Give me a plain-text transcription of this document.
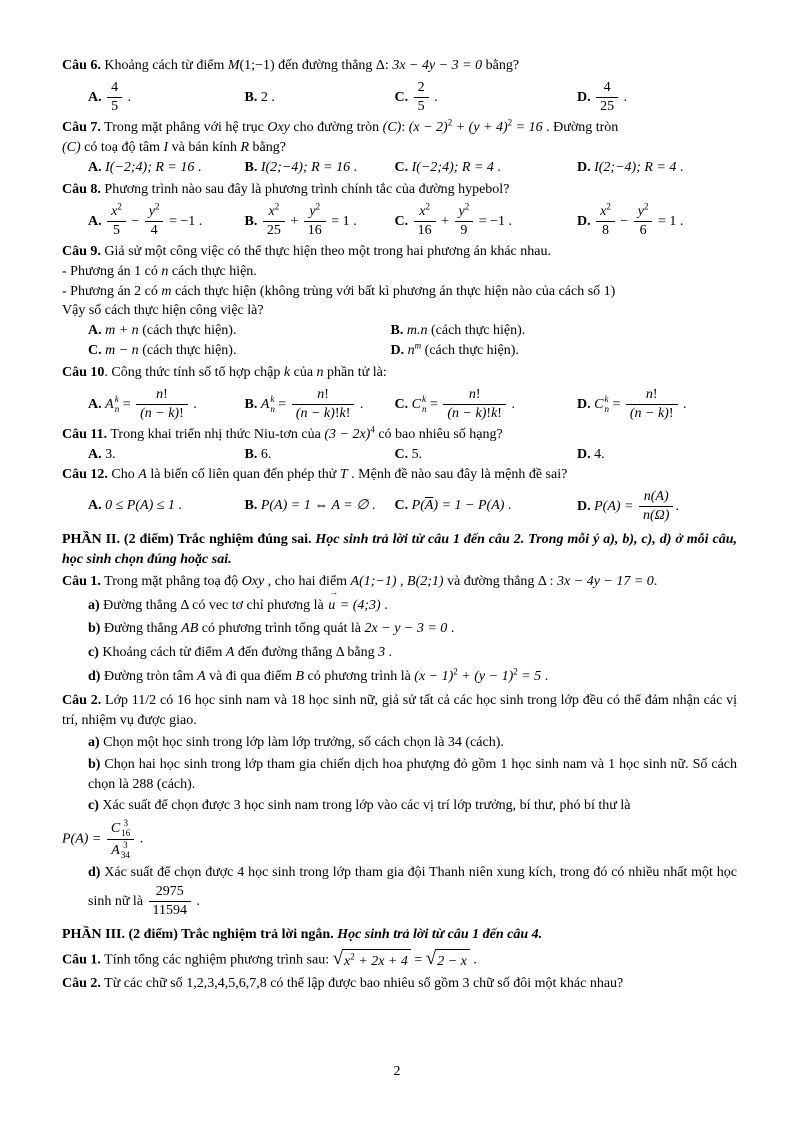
Câu 6. Khoảng cách từ điểm M(1;−1) đến đường thẳng Δ: 3x − 4y − 3 = 0 bằng?
A. $\frac{4}{5}$ .	B. 2 .	C. $\frac{2}{5}$ .	D. $\frac{4}{25}$ .
Câu 7. Trong mặt phẳng với hệ trục Oxy cho đường tròn (C): $(x - 2)^2 + (y + 4)^2 = 16$ . Đường tròn
(C) có toạ độ tâm I và bán kính R bằng?
A. I(−2;4); R = 16 .	B. I(2;−4); R = 16 .	C. I(−2;4); R = 4 .	D. I(2;−4); R = 4 .
Câu 8. Phương trình nào sau đây là phương trình chính tắc của đường hypebol?
A. $\frac{x^2}{5} - \frac{y^2}{4} = -1$ .	B. $\frac{x^2}{25} + \frac{y^2}{16} = 1$ .	C. $\frac{x^2}{16} + \frac{y^2}{9} = -1$ .	D. $\frac{x^2}{8} - \frac{y^2}{6} = 1$ .
Câu 9. Giả sử một công việc có thể thực hiện theo một trong hai phương án khác nhau.
- Phương án 1 có n cách thực hiện.
- Phương án 2 có m cách thực hiện (không trùng với bất kì phương án thực hiện nào của cách số 1)
Vậy số cách thực hiện công việc là?
A. m + n (cách thực hiện).	B. m.n (cách thực hiện).
C. m − n (cách thực hiện).	D. $n^m$ (cách thực hiện).
Câu 10. Công thức tính số tổ hợp chập k của n phần tử là:
A. A k
$n = \frac{n!}{(n - k)!}$ .	B. A k
$n = \frac{n!}{(n - k)!k!}$ .	C. C k
$n = \frac{n!}{(n - k)!k!}$ .	D. C k
$n = \frac{n!}{(n - k)!}$ .
Câu 11. Trong khai triển nhị thức Niu-tơn của $(3 - 2x)^4$ có bao nhiêu số hạng?
A. 3.	B. 6.	C. 5.	D. 4.
Câu 12. Cho A là biến cố liên quan đến phép thử T . Mệnh đề nào sau đây là mệnh đề sai?
A. 0 ≤ P(A) ≤ 1 .	B. P(A) = 1 ⇔ A = ∅ .	C. $P(\overline{A}) = 1 - P(A)$ .	D. $P(A) = \frac{n(A)}{n(\Omega)}$ .
PHẦN II. (2 điểm) Trắc nghiệm đúng sai. Học sinh trả lời từ câu 1 đến câu 2. Trong mỗi ý a), b), c), d) ở mỗi câu, học sinh chọn đúng hoặc sai.
Câu 1. Trong mặt phẳng toạ độ Oxy , cho hai điểm A(1;−1) , B(2;1) và đường thẳng Δ : 3x − 4y − 17 = 0.
a) Đường thẳng Δ có vec tơ chỉ phương là
→
u = (4;3) .
b) Đường thẳng AB có phương trình tổng quát là 2x − y − 3 = 0 .
c) Khoảng cách từ điểm A đến đường thẳng Δ bằng 3 .
d) Đường tròn tâm A và đi qua điểm B có phương trình là $(x - 1)^2 + (y - 1)^2 = 5$ .
Câu 2. Lớp 11/2 có 16 học sinh nam và 18 học sinh nữ, giả sử tất cả các học sinh trong lớp đều có thể đảm nhận các vị trí, nhiệm vụ được giao.
a) Chọn một học sinh trong lớp làm lớp trưởng, số cách chọn là 34 (cách).
b) Chọn hai học sinh trong lớp tham gia chiến dịch hoa phượng đỏ gồm 1 học sinh nam và 1 học sinh nữ. Số cách chọn là 288 (cách).
c) Xác suất để chọn được 3 học sinh nam trong lớp vào các vị trí lớp trưởng, bí thư, phó bí thư là
P(A) = C 3
16
A 3
34 .
d) Xác suất để chọn được 4 học sinh trong lớp tham gia đội Thanh niên xung kích, trong đó có nhiều nhất một học sinh nữ là $\frac{2975}{11594}$ .
PHẦN III. (2 điểm) Trắc nghiệm trả lời ngắn. Học sinh trả lời từ câu 1 đến câu 4.
Câu 1. Tính tổng các nghiệm phương trình sau: √ $x^2 + 2x + 4$ = √ 2 − x .
Câu 2. Từ các chữ số 1,2,3,4,5,6,7,8 có thể lập được bao nhiêu số gồm 3 chữ số đôi một khác nhau?
2
